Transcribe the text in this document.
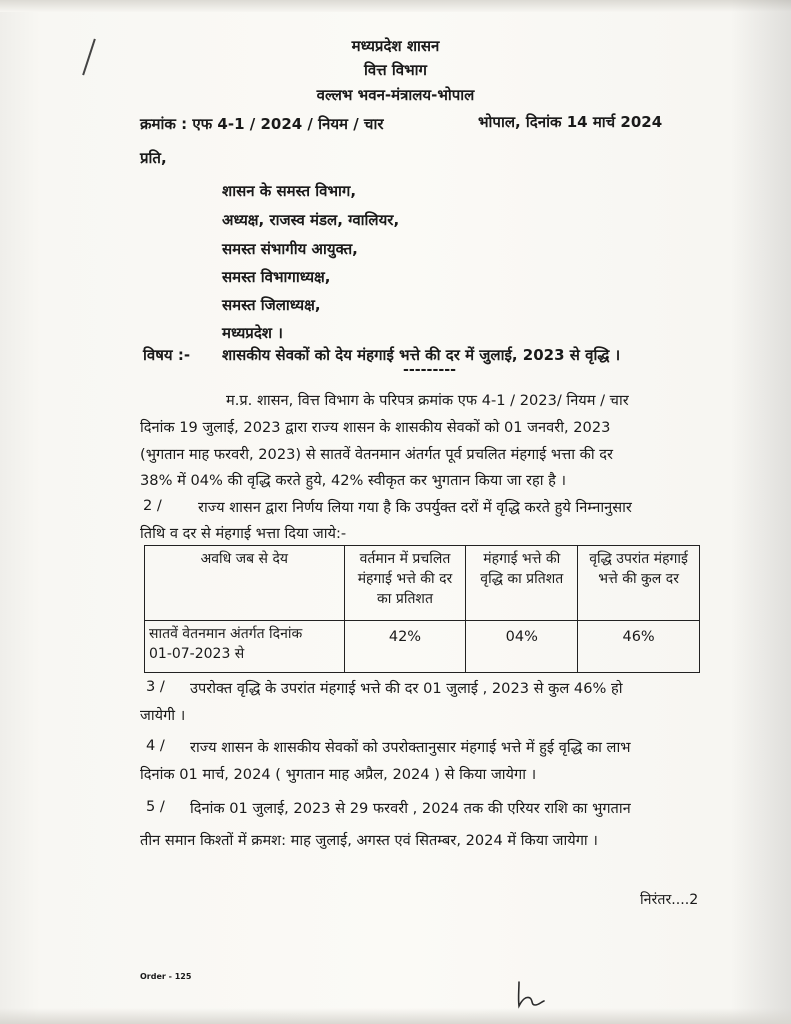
मध्यप्रदेश शासन
वित्त विभाग
वल्लभ भवन-मंत्रालय-भोपाल
क्रमांक : एफ 4-1 / 2024 / नियम / चार	भोपाल, दिनांक 14 मार्च 2024
प्रति,
शासन के समस्त विभाग,
अध्यक्ष, राजस्व मंडल, ग्वालियर,
समस्त संभागीय आयुक्त,
समस्त विभागाध्यक्ष,
समस्त जिलाध्यक्ष,
मध्यप्रदेश ।
विषय :- शासकीय सेवकों को देय मंहगाई भत्ते की दर में जुलाई, 2023 से वृद्धि ।
---------
म.प्र. शासन, वित्त विभाग के परिपत्र क्रमांक एफ 4-1 / 2023/ नियम / चार
दिनांक 19 जुलाई, 2023 द्वारा राज्य शासन के शासकीय सेवकों को 01 जनवरी, 2023
(भुगतान माह फरवरी, 2023) से सातवें वेतनमान अंतर्गत पूर्व प्रचलित मंहगाई भत्ता की दर
38% में 04% की वृद्धि करते हुये, 42% स्वीकृत कर भुगतान किया जा रहा है ।
2 /	राज्य शासन द्वारा निर्णय लिया गया है कि उपर्युक्त दरों में वृद्धि करते हुये निम्नानुसार
तिथि व दर से मंहगाई भत्ता दिया जाये:-
अवधि जब से देय	वर्तमान में प्रचलित मंहगाई भत्ते की दर का प्रतिशत	मंहगाई भत्ते की वृद्धि का प्रतिशत	वृद्धि उपरांत मंहगाई भत्ते की कुल दर

सातवें वेतनमान अंतर्गत दिनांक
01-07-2023 से	42%	04%	46%
3 /	उपरोक्त वृद्धि के उपरांत मंहगाई भत्ते की दर 01 जुलाई , 2023 से कुल 46% हो
जायेगी ।
4 /	राज्य शासन के शासकीय सेवकों को उपरोक्तानुसार मंहगाई भत्ते में हुई वृद्धि का लाभ
दिनांक 01 मार्च, 2024 ( भुगतान माह अप्रैल, 2024 ) से किया जायेगा ।
5 /	दिनांक 01 जुलाई, 2023 से 29 फरवरी , 2024 तक की एरियर राशि का भुगतान
तीन समान किश्तों में क्रमश: माह जुलाई, अगस्त एवं सितम्बर, 2024 में किया जायेगा ।
निरंतर....2
Order - 125
